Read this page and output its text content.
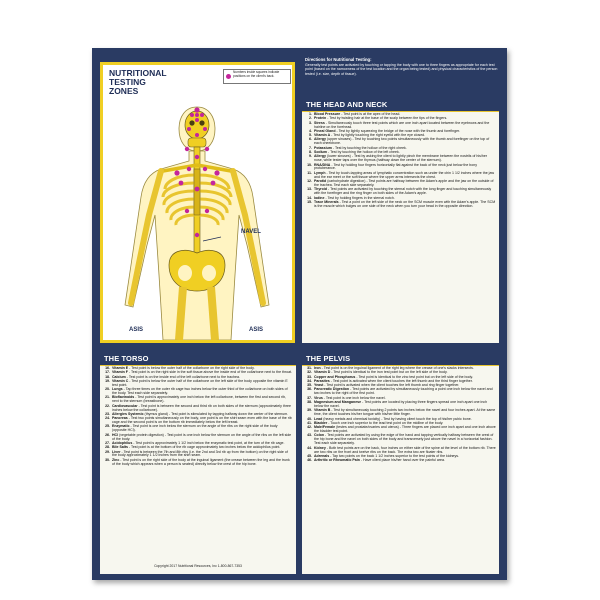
NUTRITIONAL
TESTING
ZONES
Numbers inside squares indicate positions on the client's back.
NAVEL
ASIS	ASIS
Directions for Nutritional Testing:
Generally test points are activated by touching or tapping the body with one to three fingers as appropriate for each test point (based on the narrowness of the test location and the organ being tested) and physical characteristics of the person tested (i.e. size, depth of tissue).
THE HEAD AND NECK
1. Blood Pressure - Test point is at the apex of the head.
2. Protein - Test by twisting hair at the base of the scalp between the tips of the fingers.
3. Stress - Simultaneously touch three test points which are one inch apart located between the eyebrows and the hairline on the forehead.
4. Pineal Gland - Test by lightly squeezing the bridge of the nose with the thumb and forefinger.
5. Vitamin A - Test by lightly touching the right eyelid with the eye closed.
6. Allergy (upper sinuses) - Test by touching two points simultaneously with the thumb and forefinger on the top of each cheekbone.
7. Potassium - Test by touching the hollow of the right cheek.
8. Sodium - Test by touching the hollow of the left cheek.
9. Allergy (lower sinuses) - Test by asking the client to lightly pinch the membrane between the nostrils of his/her nose, while tester taps over the thymus (halfway down the center of the sternum).
10. RNA/DNA - Test by holding four fingers horizontally flat against the back of the neck just below the bony protuberance.
11. Lymph - Test by touch-tapping areas of lymphatic concentration such as under the chin 1 1/2 inches where the jaw and the ear meet or the soft tissue where the upper arms intersects the chest.
12. Parotid (carbohydrate digestion) - Test points are halfway between the Adam's apple and the jaw on the outside of the trachea. Test each side separately.
13. Thyroid - Test points are activated by touching the sternal notch with the long finger and touching simultaneously with the forefinger and the ring finger on both sides of the Adam's apple.
14. Iodine - Test by holding fingers in the sternal notch.
15. Trace Minerals - Test a point on the left side of the neck on the SCM muscle even with the Adam's apple. The SCM is the muscle which bulges on one side of the neck when you turn your head in the opposite direction.
THE TORSO
16. Vitamin E - Test point is below the outer half of the collarbone on the right side of the body.
17. Vitamin F - Test point is on the right side in the soft tissue above the inside end of the collarbone next to the throat.
18. Calcium - Test point is on the inside end of the left collarbone next to the trachea.
19. Vitamin C - Test point is below the outer half of the collarbone on the left side of the body opposite the vitamin E test point.
20. Lungs - Tap three times on the outer rib cage two inches below the outer third of the collarbone on both sides of the body. Test each side separately.
21. Bioflavinoids - Test point is approximately one inch below the left collarbone, between the first and second rib, next to the sternum (breastbone).
22. Cardiovascular - Test point is between the second and third rib on both sides of the sternum (approximately three inches below the collarbone).
23. Allergies Systemic (thymus gland) - Test point is stimulated by tapping halfway down the center of the sternum.
24. Pancreas - Test two points simultaneously on the body, one point is on the shirt seam even with the base of the rib cage and the second point is on the bottom rib immediately below the left breast.
25. Enzymatic - Test point is one inch below the sternum on the angle of the ribs on the right side of the body (opposite HCl).
26. HCl (vegetable protein digestion) - Test point is one inch below the sternum on the angle of the ribs on the left side of the body.
27. Acidophilus - Test point is approximately 1 1/2 inch below the enzymatic test point, at the turn of the rib cage.
28. Bile Salts - Test point is at the bottom of the rib cage approximately two inches below the acidophilus point.
29. Liver - Test point is between the 7th and 8th ribs (i.e. the 2nd and 3rd rib up from the bottom) on the right side of the body approximately 1 1/2 inches from the shirt seam.
30. Zinc - Test point is on the right side of the body at the inguinal ligament (the crease between the leg and the trunk of the body which appears when a person is seated) directly below the crest of the hip bone.
Copyright 2017 Nutritional Resources, Inc 1-800-867-7353
THE PELVIS
31. Iron - Test point is on the inguinal ligament of the right leg where the crease of one's slacks intersects.
32. Vitamin D - Test point is identical to the iron test point but on the left side of the body.
33. Copper and Phosphorus - Test point is identical to the zinc test point but on the left side of the body.
34. Parasites - Test point is activated when the client touches the left thumb and the third finger together.
35. Yeast - Test point is activated when the client touches the left thumb and ring finger together.
36. Pancreatic Digestion - Test points are activated by simultaneously touching a point one inch below the navel and two inches to the right of the first point.
37. Virus - Test point is one inch below the navel.
38. Magnesium and Manganese - Test points are located by placing three fingers spread one inch apart one inch below the navel.
39. Vitamin B - Test by simultaneously touching 2 points two inches below the navel and four inches apart. At the same time, the client touches his/her tongue with his/her little finger.
40. Lead (heavy metals and chemical toxicity) - Test by having client touch the top of his/her pubic bone.
41. Bladder - Touch one inch superior to the lead test point on the midline of the body.
42. Male/Female (testes and prostate/ovaries and uterus) - Three fingers are placed one inch apart and one inch above the bladder test point.
43. Colon - Test points are activated by using the edge of the hand and tapping vertically halfway between the crest of the hip bone and the navel on both sides of the body and transversely just above the navel in a horizontal fashion. Test each side separately.
44. Kidney - Both test points are on the back, four inches on either side of the spine at the level of the bottom rib. There are two ribs on the front and twelve ribs on the back. The extra two are floater ribs.
45. Adrenals - Tap two points on the back 1 1/2 inches superior to the test points of the kidneys.
46. Arthritic or Rheumatic Pain - Have client place his/her hand over the painful area.
